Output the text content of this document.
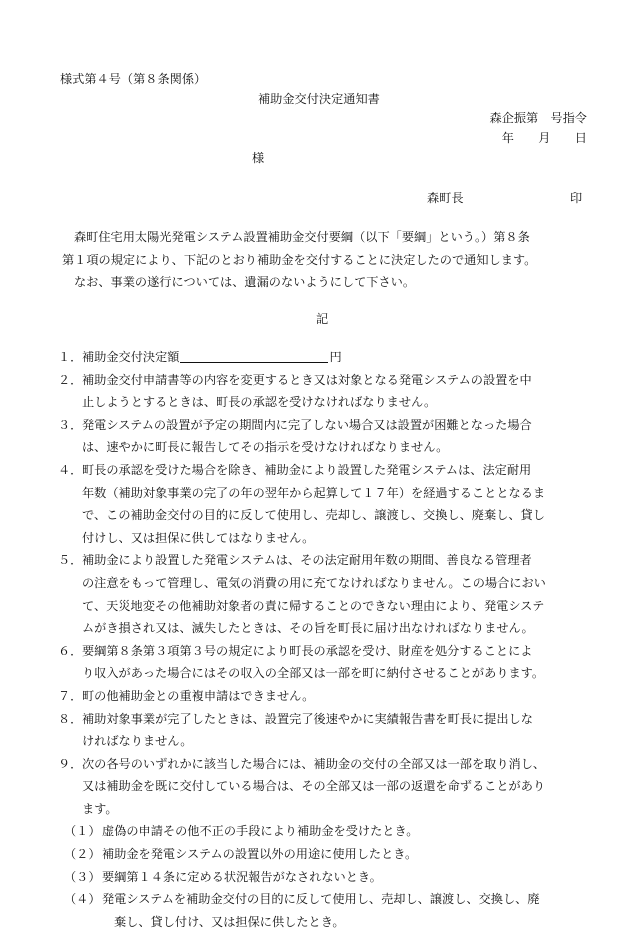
様式第４号（第８条関係）
補助金交付決定通知書
森企振第　号指令
年　　月　　日
様
森町長	印

森町住宅用太陽光発電システム設置補助金交付要綱（以下「要綱」という。）第８条

第１項の規定により、下記のとおり補助金を交付することに決定したので通知します。

なお、事業の遂行については、遺漏のないようにして下さい。

記
１． 補助金交付決定額	円
２． 補助金交付申請書等の内容を変更するとき又は対象となる発電システムの設置を中
止しようとするときは、町長の承認を受けなければなりません。
３． 発電システムの設置が予定の期間内に完了しない場合又は設置が困難となった場合
は、速やかに町長に報告してその指示を受けなければなりません。
４． 町長の承認を受けた場合を除き、補助金により設置した発電システムは、法定耐用
年数（補助対象事業の完了の年の翌年から起算して１７年）を経過することとなるま
で、この補助金交付の目的に反して使用し、売却し、譲渡し、交換し、廃棄し、貸し
付けし、又は担保に供してはなりません。
５． 補助金により設置した発電システムは、その法定耐用年数の期間、善良なる管理者
の注意をもって管理し、電気の消費の用に充てなければなりません。この場合におい
て、天災地変その他補助対象者の責に帰することのできない理由により、発電システ
ムがき損され又は、滅失したときは、その旨を町長に届け出なければなりません。
６． 要綱第８条第３項第３号の規定により町長の承認を受け、財産を処分することによ
り収入があった場合にはその収入の全部又は一部を町に納付させることがあります。
７． 町の他補助金との重複申請はできません。
８． 補助対象事業が完了したときは、設置完了後速やかに実績報告書を町長に提出しな
ければなりません。
９． 次の各号のいずれかに該当した場合には、補助金の交付の全部又は一部を取り消し、
又は補助金を既に交付している場合は、その全部又は一部の返還を命ずることがあり
ます。
（１） 虚偽の申請その他不正の手段により補助金を受けたとき。
（２） 補助金を発電システムの設置以外の用途に使用したとき。
（３） 要綱第１４条に定める状況報告がなされないとき。
（４） 発電システムを補助金交付の目的に反して使用し、売却し、譲渡し、交換し、廃
棄し、貸し付け、又は担保に供したとき。
